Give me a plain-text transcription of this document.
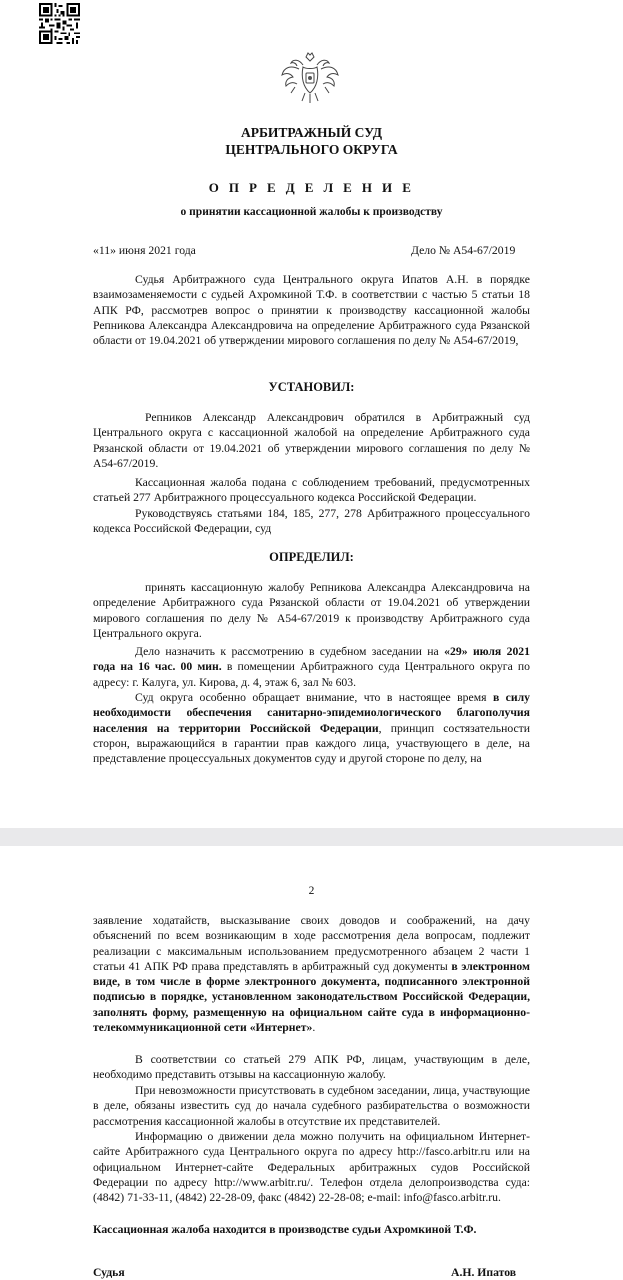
АРБИТРАЖНЫЙ СУД
ЦЕНТРАЛЬНОГО ОКРУГА
О П Р Е Д Е Л Е Н И Е
о принятии кассационной жалобы к производству
«11» июня 2021 года	Дело № А54-67/2019
Судья Арбитражного суда Центрального округа Ипатов А.Н. в порядке взаимозаменяемости с судьей Ахромкиной Т.Ф. в соответствии с частью 5 статьи 18 АПК РФ, рассмотрев вопрос о принятии к производству кассационной жалобы Репникова Александра Александровича на определение Арбитражного суда Рязанской области от 19.04.2021 об утверждении мирового соглашения по делу № А54-67/2019,
УСТАНОВИЛ:
Репников Александр Александрович обратился в Арбитражный суд Центрального округа с кассационной жалобой на определение Арбитражного суда Рязанской области от 19.04.2021 об утверждении мирового соглашения по делу № А54-67/2019.
Кассационная жалоба подана с соблюдением требований, предусмотренных статьей 277 Арбитражного процессуального кодекса Российской Федерации.
Руководствуясь статьями 184, 185, 277, 278 Арбитражного процессуального кодекса Российской Федерации, суд
ОПРЕДЕЛИЛ:
принять кассационную жалобу Репникова Александра Александровича на определение Арбитражного суда Рязанской области от 19.04.2021 об утверждении мирового соглашения по делу № А54-67/2019 к производству Арбитражного суда Центрального округа.
Дело назначить к рассмотрению в судебном заседании на «29» июля 2021 года на 16 час. 00 мин. в помещении Арбитражного суда Центрального округа по адресу: г. Калуга, ул. Кирова, д. 4, этаж 6, зал № 603.
Суд округа особенно обращает внимание, что в настоящее время в силу необходимости обеспечения санитарно-эпидемиологического благополучия населения на территории Российской Федерации, принцип состязательности сторон, выражающийся в гарантии прав каждого лица, участвующего в деле, на представление процессуальных документов суду и другой стороне по делу, на
2
заявление ходатайств, высказывание своих доводов и соображений, на дачу объяснений по всем возникающим в ходе рассмотрения дела вопросам, подлежит реализации с максимальным использованием предусмотренного абзацем 2 части 1 статьи 41 АПК РФ права представлять в арбитражный суд документы в электронном виде, в том числе в форме электронного документа, подписанного электронной подписью в порядке, установленном законодательством Российской Федерации, заполнять форму, размещенную на официальном сайте суда в информационно-телекоммуникационной сети «Интернет».
В соответствии со статьей 279 АПК РФ, лицам, участвующим в деле, необходимо представить отзывы на кассационную жалобу.
При невозможности присутствовать в судебном заседании, лица, участвующие в деле, обязаны известить суд до начала судебного разбирательства о возможности рассмотрения кассационной жалобы в отсутствие их представителей.
Информацию о движении дела можно получить на официальном Интернет-сайте Арбитражного суда Центрального округа по адресу http://fasco.arbitr.ru или на официальном Интернет-сайте Федеральных арбитражных судов Российской Федерации по адресу http://www.arbitr.ru/. Телефон отдела делопроизводства суда: (4842) 71-33-11, (4842) 22-28-09, факс (4842) 22-28-08; e-mail: info@fasco.arbitr.ru.
Кассационная жалоба находится в производстве судьи Ахромкиной Т.Ф.
Судья	А.Н. Ипатов
